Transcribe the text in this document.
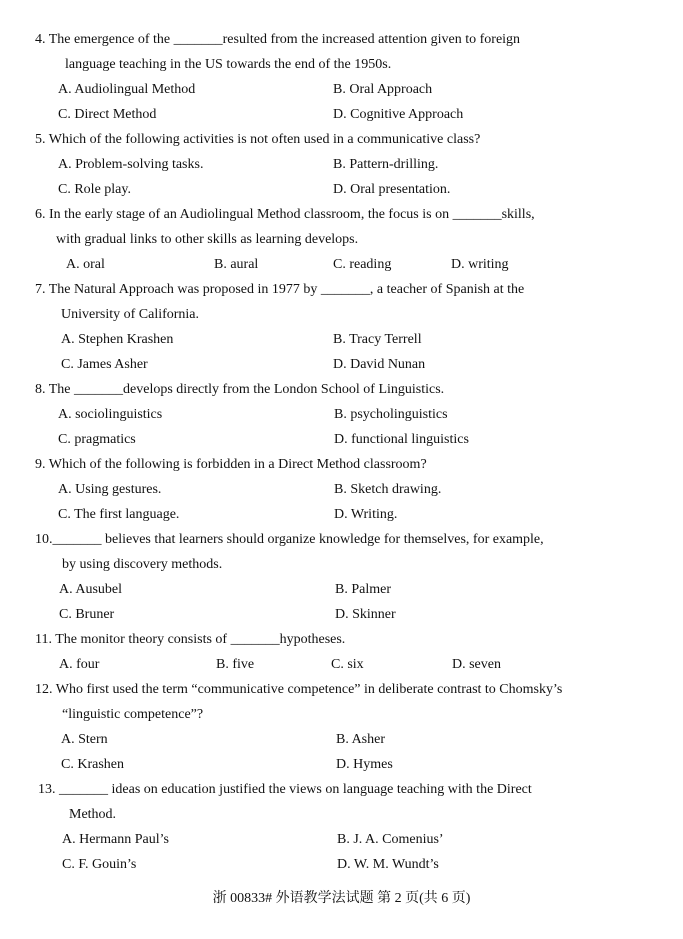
4. The emergence of the _______resulted from the increased attention given to foreign
language teaching in the US towards the end of the 1950s.
A. Audiolingual Method	B. Oral Approach
C. Direct Method	D. Cognitive Approach
5. Which of the following activities is not often used in a communicative class?
A. Problem-solving tasks.	B. Pattern-drilling.
C. Role play.	D. Oral presentation.
6. In the early stage of an Audiolingual Method classroom, the focus is on _______skills,
with gradual links to other skills as learning develops.
A. oral	B. aural	C. reading	D. writing
7. The Natural Approach was proposed in 1977 by _______, a teacher of Spanish at the
University of California.
A. Stephen Krashen	B. Tracy Terrell
C. James Asher	D. David Nunan
8. The _______develops directly from the London School of Linguistics.
A. sociolinguistics	B. psycholinguistics
C. pragmatics	D. functional linguistics
9. Which of the following is forbidden in a Direct Method classroom?
A. Using gestures.	B. Sketch drawing.
C. The first language.	D. Writing.
10._______ believes that learners should organize knowledge for themselves, for example,
by using discovery methods.
A. Ausubel	B. Palmer
C. Bruner	D. Skinner
11. The monitor theory consists of _______hypotheses.
A. four	B. five	C. six	D. seven
12. Who first used the term “communicative competence” in deliberate contrast to Chomsky’s
“linguistic competence”?
A. Stern	B. Asher
C. Krashen	D. Hymes
13. _______ ideas on education justified the views on language teaching with the Direct
Method.
A. Hermann Paul’s	B. J. A. Comenius’
C. F. Gouin’s	D. W. M. Wundt’s
浙 00833# 外语教学法试题 第 2 页(共 6 页)
